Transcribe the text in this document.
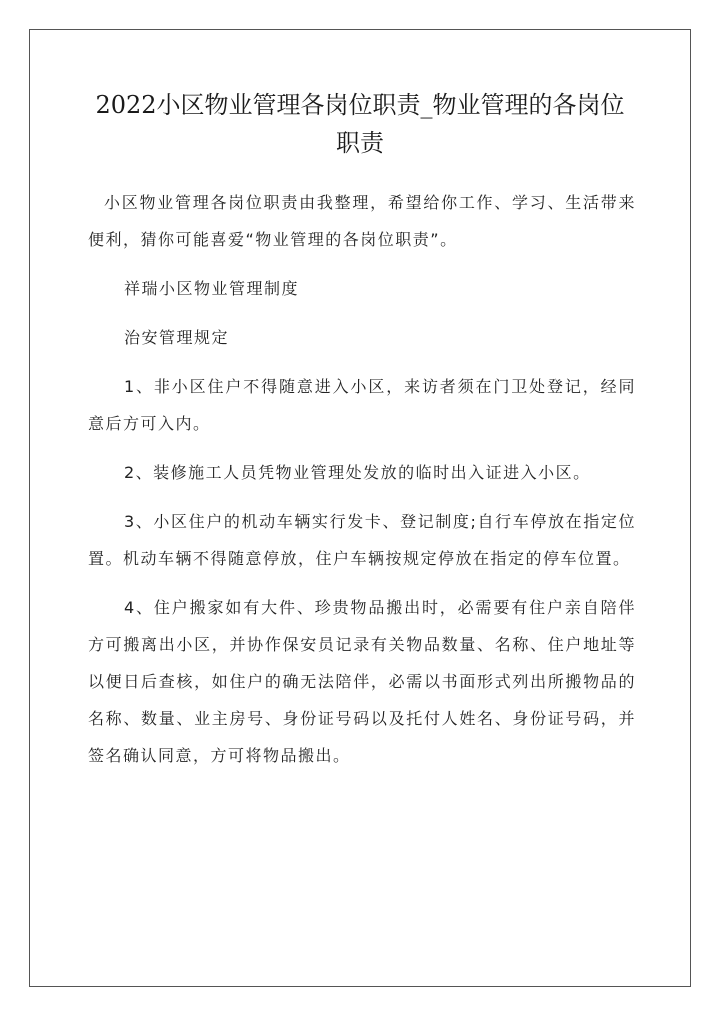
2022小区物业管理各岗位职责_物业管理的各岗位职责

小区物业管理各岗位职责由我整理，希望给你工作、学习、生活带来便利，猜你可能喜爱“物业管理的各岗位职责”。

祥瑞小区物业管理制度

治安管理规定

1、非小区住户不得随意进入小区，来访者须在门卫处登记，经同意后方可入内。

2、装修施工人员凭物业管理处发放的临时出入证进入小区。

3、小区住户的机动车辆实行发卡、登记制度;自行车停放在指定位置。机动车辆不得随意停放，住户车辆按规定停放在指定的停车位置。

4、住户搬家如有大件、珍贵物品搬出时，必需要有住户亲自陪伴方可搬离出小区，并协作保安员记录有关物品数量、名称、住户地址等以便日后查核，如住户的确无法陪伴，必需以书面形式列出所搬物品的名称、数量、业主房号、身份证号码以及托付人姓名、身份证号码，并签名确认同意，方可将物品搬出。
